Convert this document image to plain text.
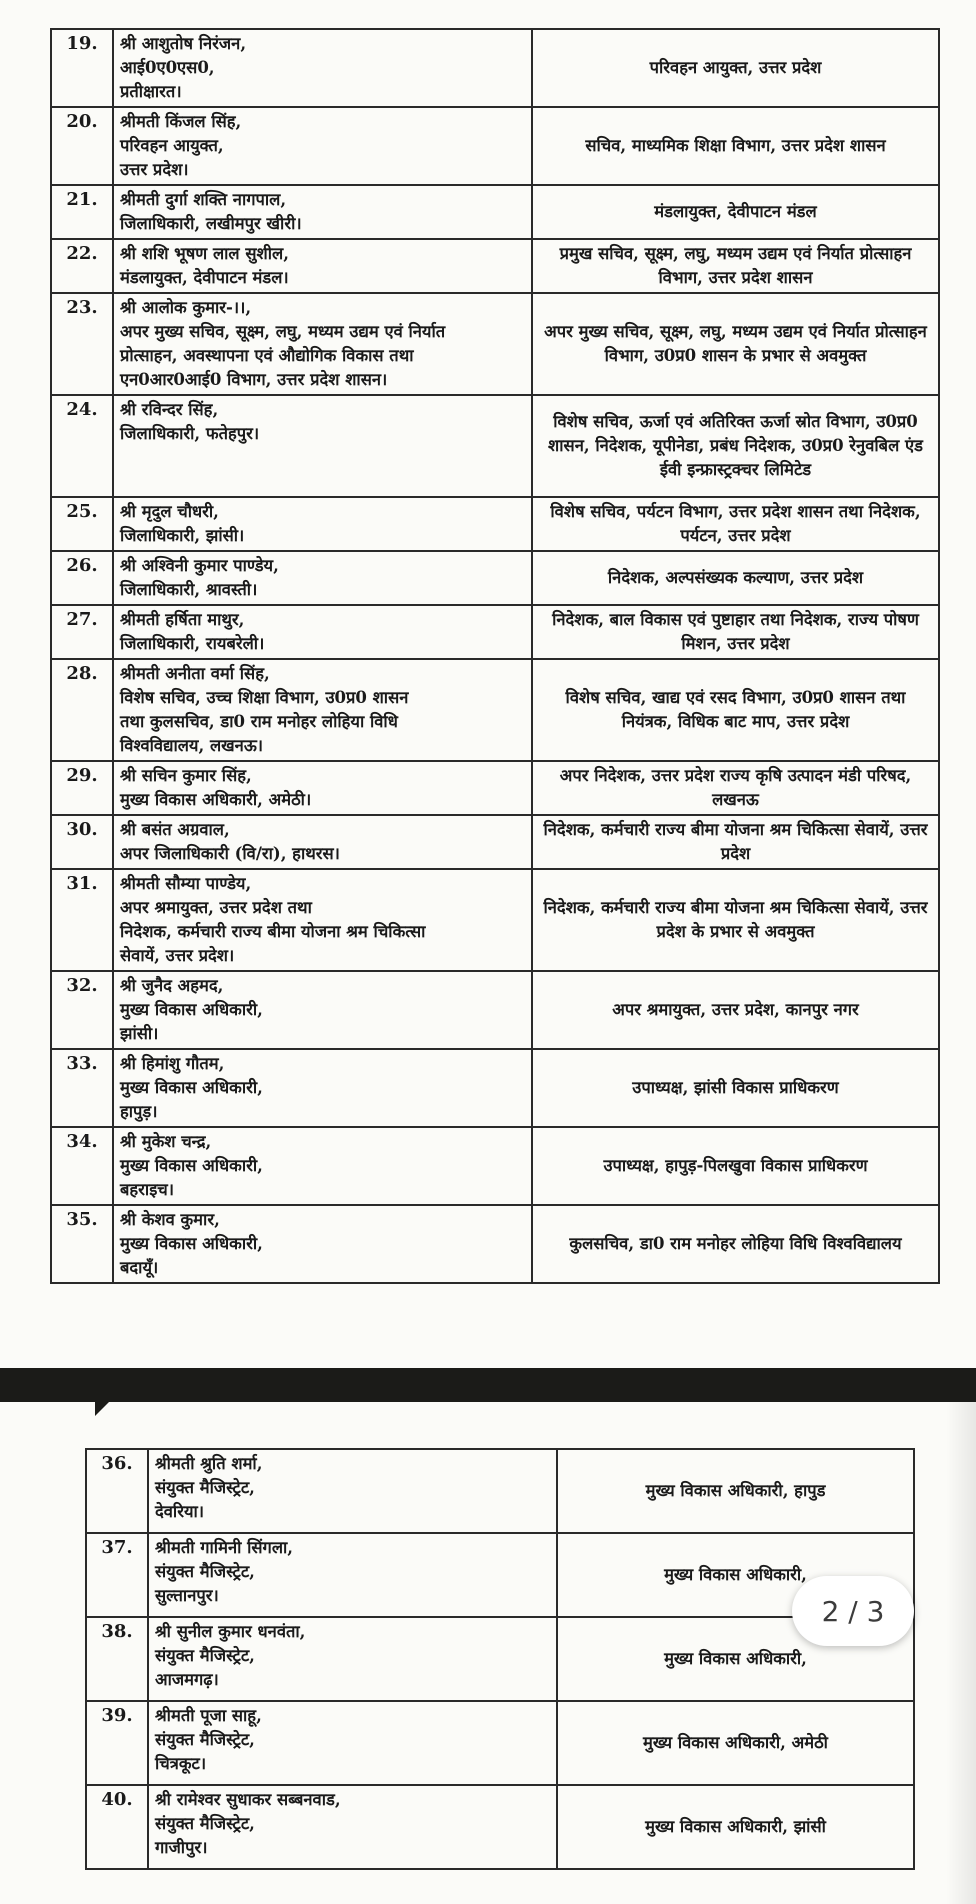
19.	श्री आशुतोष निरंजन,
आई0ए0एस0,
प्रतीक्षारत।	परिवहन आयुक्त, उत्तर प्रदेश
20.	श्रीमती किंजल सिंह,
परिवहन आयुक्त,
उत्तर प्रदेश।	सचिव, माध्यमिक शिक्षा विभाग, उत्तर प्रदेश शासन
21.	श्रीमती दुर्गा शक्ति नागपाल,
जिलाधिकारी, लखीमपुर खीरी।	मंडलायुक्त, देवीपाटन मंडल
22.	श्री शशि भूषण लाल सुशील,
मंडलायुक्त, देवीपाटन मंडल।	प्रमुख सचिव, सूक्ष्म, लघु, मध्यम उद्यम एवं निर्यात प्रोत्साहन विभाग, उत्तर प्रदेश शासन
23.	श्री आलोक कुमार-।।,
अपर मुख्य सचिव, सूक्ष्म, लघु, मध्यम उद्यम एवं निर्यात
प्रोत्साहन, अवस्थापना एवं औद्योगिक विकास तथा
एन0आर0आई0 विभाग, उत्तर प्रदेश शासन।	अपर मुख्य सचिव, सूक्ष्म, लघु, मध्यम उद्यम एवं निर्यात प्रोत्साहन विभाग, उ0प्र0 शासन के प्रभार से अवमुक्त
24.	श्री रविन्दर सिंह,
जिलाधिकारी, फतेहपुर।	विशेष सचिव, ऊर्जा एवं अतिरिक्त ऊर्जा स्रोत विभाग, उ0प्र0 शासन, निदेशक, यूपीनेडा, प्रबंध निदेशक, उ0प्र0 रेनुवबिल एंड ईवी इन्फ्रास्ट्रक्चर लिमिटेड
25.	श्री मृदुल चौधरी,
जिलाधिकारी, झांसी।	विशेष सचिव, पर्यटन विभाग, उत्तर प्रदेश शासन तथा निदेशक, पर्यटन, उत्तर प्रदेश
26.	श्री अश्विनी कुमार पाण्डेय,
जिलाधिकारी, श्रावस्ती।	निदेशक, अल्पसंख्यक कल्याण, उत्तर प्रदेश
27.	श्रीमती हर्षिता माथुर,
जिलाधिकारी, रायबरेली।	निदेशक, बाल विकास एवं पुष्टाहार तथा निदेशक, राज्य पोषण मिशन, उत्तर प्रदेश
28.	श्रीमती अनीता वर्मा सिंह,
विशेष सचिव, उच्च शिक्षा विभाग, उ0प्र0 शासन
तथा कुलसचिव, डा0 राम मनोहर लोहिया विधि
विश्वविद्यालय, लखनऊ।	विशेष सचिव, खाद्य एवं रसद विभाग, उ0प्र0 शासन तथा नियंत्रक, विधिक बाट माप, उत्तर प्रदेश
29.	श्री सचिन कुमार सिंह,
मुख्य विकास अधिकारी, अमेठी।	अपर निदेशक, उत्तर प्रदेश राज्य कृषि उत्पादन मंडी परिषद, लखनऊ
30.	श्री बसंत अग्रवाल,
अपर जिलाधिकारी (वि/रा), हाथरस।	निदेशक, कर्मचारी राज्य बीमा योजना श्रम चिकित्सा सेवायें, उत्तर प्रदेश
31.	श्रीमती सौम्या पाण्डेय,
अपर श्रमायुक्त, उत्तर प्रदेश तथा
निदेशक, कर्मचारी राज्य बीमा योजना श्रम चिकित्सा
सेवायें, उत्तर प्रदेश।	निदेशक, कर्मचारी राज्य बीमा योजना श्रम चिकित्सा सेवायें, उत्तर प्रदेश के प्रभार से अवमुक्त
32.	श्री जुनैद अहमद,
मुख्य विकास अधिकारी,
झांसी।	अपर श्रमायुक्त, उत्तर प्रदेश, कानपुर नगर
33.	श्री हिमांशु गौतम,
मुख्य विकास अधिकारी,
हापुड़।	उपाध्यक्ष, झांसी विकास प्राधिकरण
34.	श्री मुकेश चन्द्र,
मुख्य विकास अधिकारी,
बहराइच।	उपाध्यक्ष, हापुड़-पिलखुवा विकास प्राधिकरण
35.	श्री केशव कुमार,
मुख्य विकास अधिकारी,
बदायूँ।	कुलसचिव, डा0 राम मनोहर लोहिया विधि विश्वविद्यालय
36.	श्रीमती श्रुति शर्मा,
संयुक्त मैजिस्ट्रेट,
देवरिया।	मुख्य विकास अधिकारी, हापुड
37.	श्रीमती गामिनी सिंगला,
संयुक्त मैजिस्ट्रेट,
सुल्तानपुर।	मुख्य विकास अधिकारी,
38.	श्री सुनील कुमार धनवंता,
संयुक्त मैजिस्ट्रेट,
आजमगढ़।	मुख्य विकास अधिकारी,
39.	श्रीमती पूजा साहू,
संयुक्त मैजिस्ट्रेट,
चित्रकूट।	मुख्य विकास अधिकारी, अमेठी
40.	श्री रामेश्वर सुधाकर सब्बनवाड,
संयुक्त मैजिस्ट्रेट,
गाजीपुर।	मुख्य विकास अधिकारी, झांसी
2 / 3
